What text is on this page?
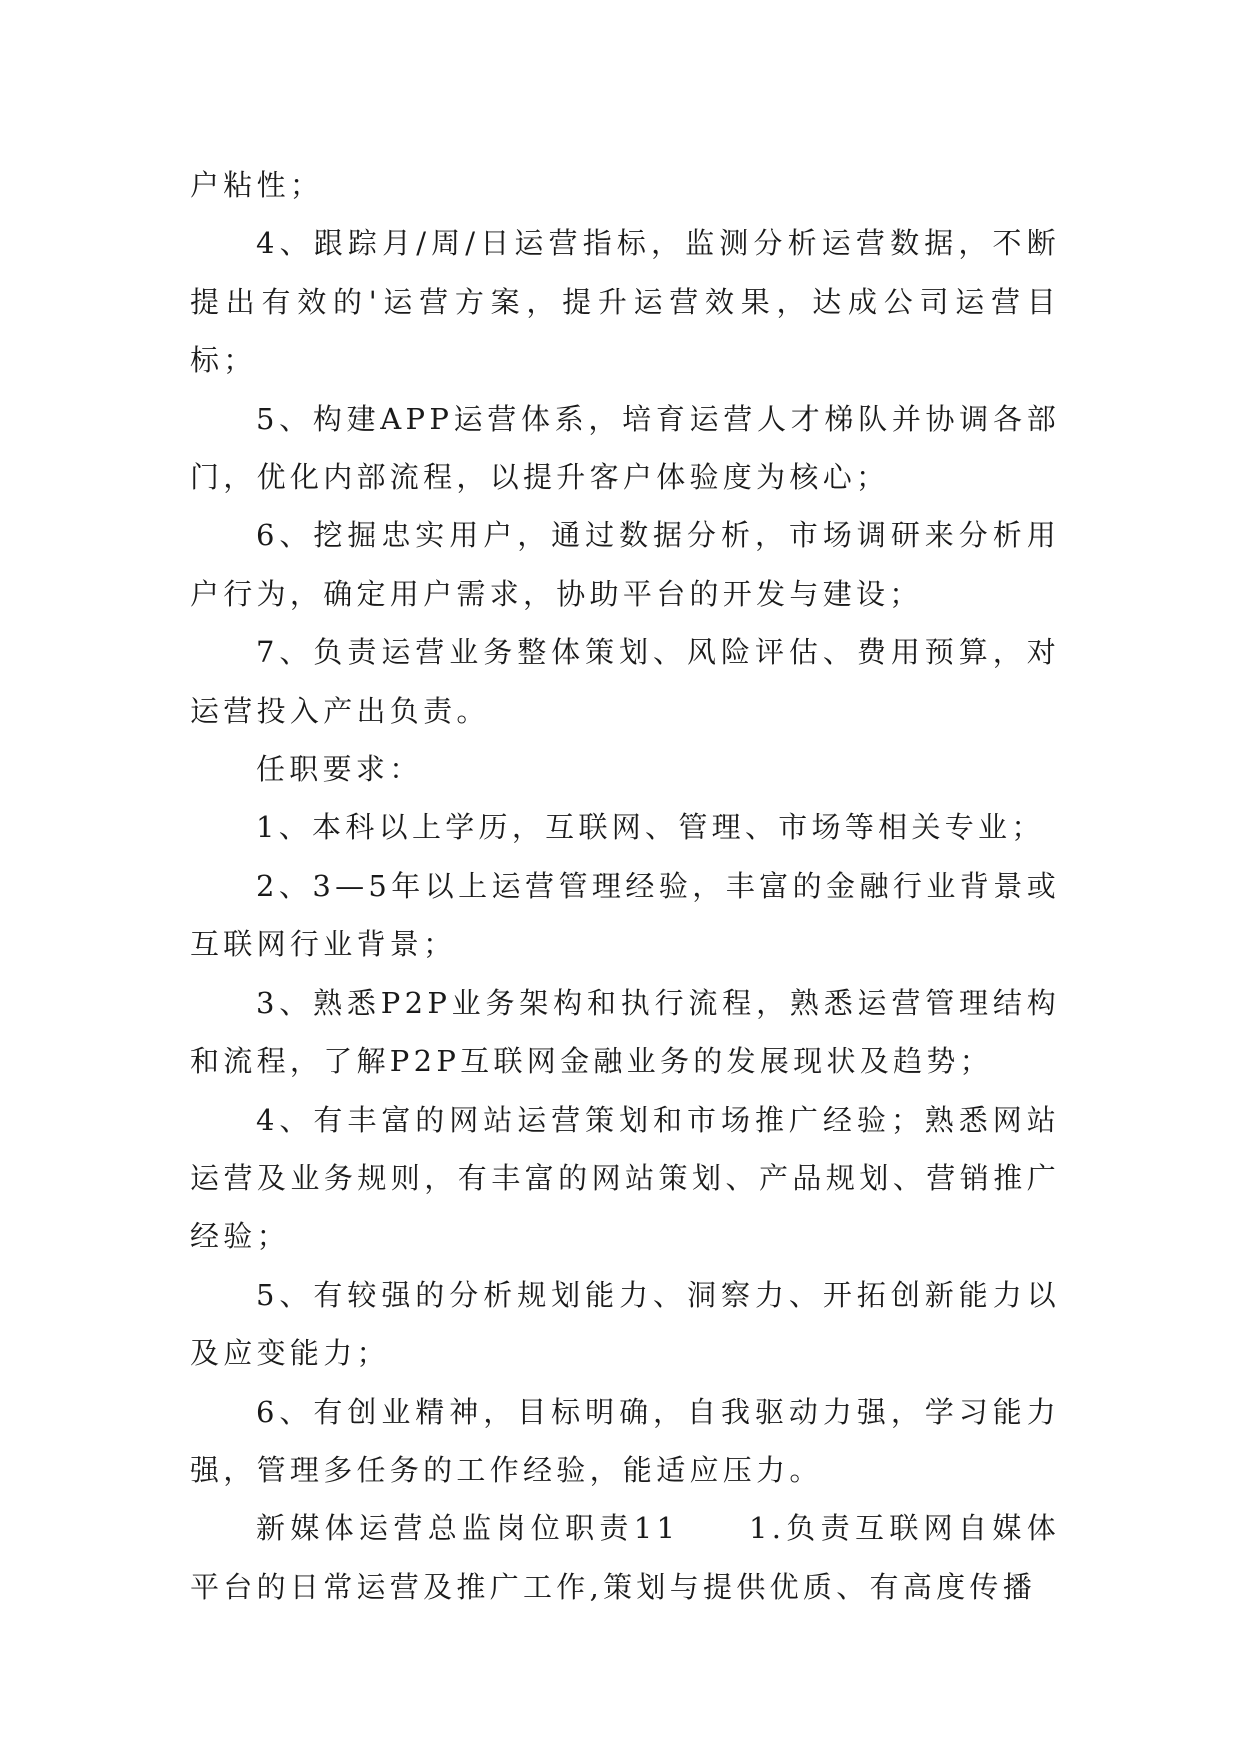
户粘性；

4、跟踪月/周/日运营指标，监测分析运营数据，不断提出有效的'运营方案，提升运营效果，达成公司运营目标；

5、构建APP运营体系，培育运营人才梯队并协调各部门，优化内部流程，以提升客户体验度为核心；

6、挖掘忠实用户，通过数据分析，市场调研来分析用户行为，确定用户需求，协助平台的开发与建设；

7、负责运营业务整体策划、风险评估、费用预算，对运营投入产出负责。

任职要求：

1、本科以上学历，互联网、管理、市场等相关专业；

2、3—5年以上运营管理经验，丰富的金融行业背景或互联网行业背景；

3、熟悉P2P业务架构和执行流程，熟悉运营管理结构和流程，了解P2P互联网金融业务的发展现状及趋势；

4、有丰富的网站运营策划和市场推广经验；熟悉网站运营及业务规则，有丰富的网站策划、产品规划、营销推广经验；

5、有较强的分析规划能力、洞察力、开拓创新能力以及应变能力；

6、有创业精神，目标明确，自我驱动力强，学习能力强，管理多任务的工作经验，能适应压力。

新媒体运营总监岗位职责11　　1.负责互联网自媒体平台的日常运营及推广工作,策划与提供优质、有高度传播
